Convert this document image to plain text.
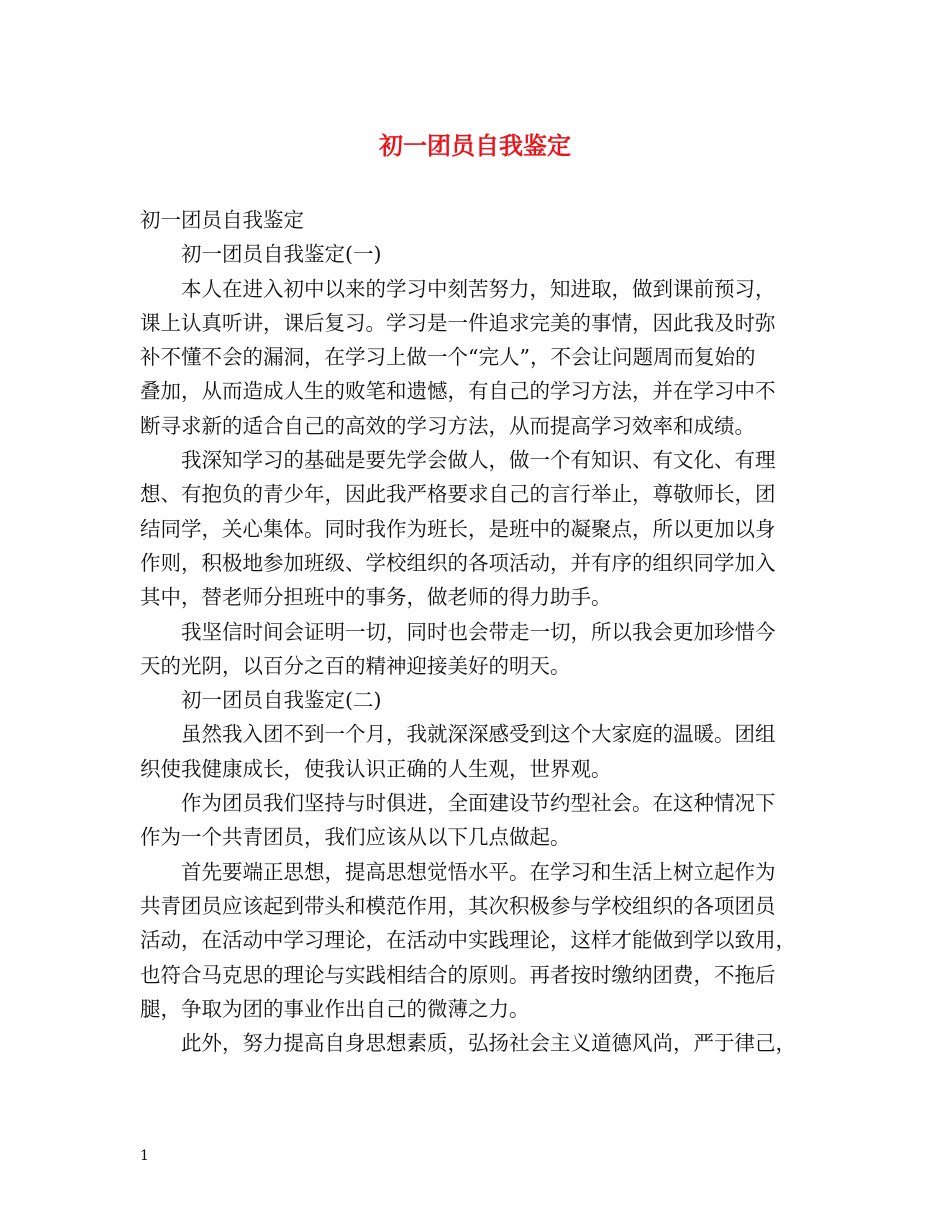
初一团员自我鉴定

初一团员自我鉴定

初一团员自我鉴定(一)

本人在进入初中以来的学习中刻苦努力，知进取，做到课前预习，
课上认真听讲，课后复习。学习是一件追求完美的事情，因此我及时弥
补不懂不会的漏洞，在学习上做一个“完人”，不会让问题周而复始的
叠加，从而造成人生的败笔和遗憾，有自己的学习方法，并在学习中不
断寻求新的适合自己的高效的学习方法，从而提高学习效率和成绩。

我深知学习的基础是要先学会做人，做一个有知识、有文化、有理
想、有抱负的青少年，因此我严格要求自己的言行举止，尊敬师长，团
结同学，关心集体。同时我作为班长，是班中的凝聚点，所以更加以身
作则，积极地参加班级、学校组织的各项活动，并有序的组织同学加入
其中，替老师分担班中的事务，做老师的得力助手。

我坚信时间会证明一切，同时也会带走一切，所以我会更加珍惜今
天的光阴，以百分之百的精神迎接美好的明天。

初一团员自我鉴定(二)

虽然我入团不到一个月，我就深深感受到这个大家庭的温暖。团组
织使我健康成长，使我认识正确的人生观，世界观。

作为团员我们坚持与时俱进，全面建设节约型社会。在这种情况下
作为一个共青团员，我们应该从以下几点做起。

首先要端正思想，提高思想觉悟水平。在学习和生活上树立起作为
共青团员应该起到带头和模范作用，其次积极参与学校组织的各项团员
活动，在活动中学习理论，在活动中实践理论，这样才能做到学以致用，
也符合马克思的理论与实践相结合的原则。再者按时缴纳团费，不拖后
腿，争取为团的事业作出自己的微薄之力。

此外，努力提高自身思想素质，弘扬社会主义道德风尚，严于律己，

1
